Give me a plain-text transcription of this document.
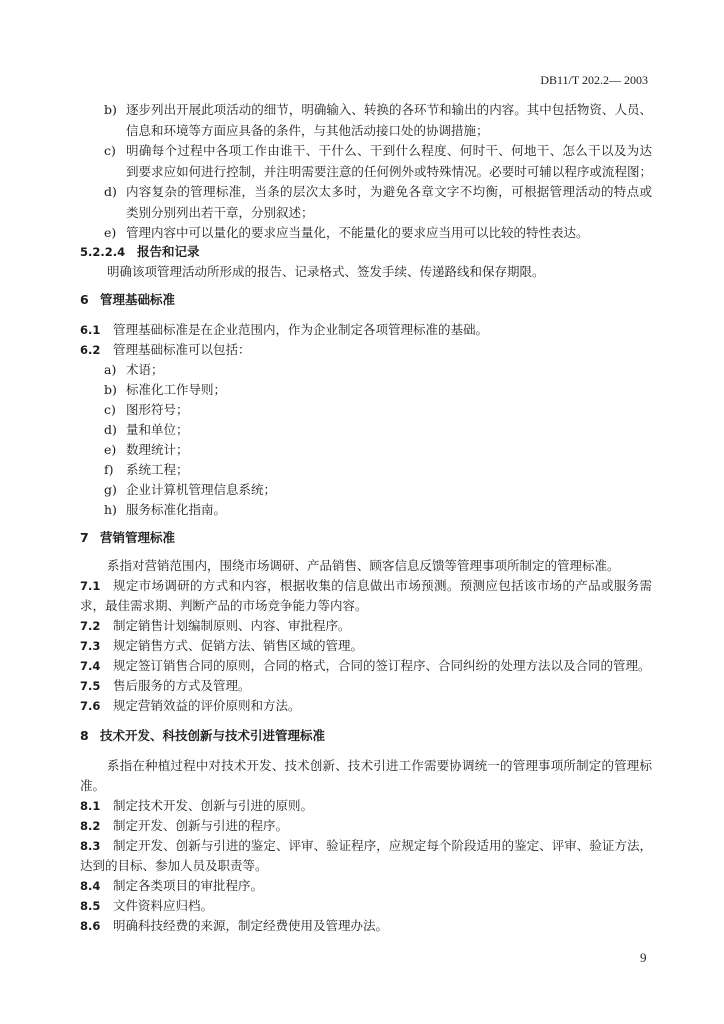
DB11/T 202.2— 2003
b) 逐步列出开展此项活动的细节，明确输入、转换的各环节和输出的内容。其中包括物资、人员、
信息和环境等方面应具备的条件，与其他活动接口处的协调措施；
c) 明确每个过程中各项工作由谁干、干什么、干到什么程度、何时干、何地干、怎么干以及为达
到要求应如何进行控制，并注明需要注意的任何例外或特殊情况。必要时可辅以程序或流程图；
d) 内容复杂的管理标准，当条的层次太多时，为避免各章文字不均衡，可根据管理活动的特点或
类别分别列出若干章，分别叙述；
e) 管理内容中可以量化的要求应当量化，不能量化的要求应当用可以比较的特性表达。
5.2.2.4 报告和记录
明确该项管理活动所形成的报告、记录格式、签发手续、传递路线和保存期限。
6 管理基础标准
6.1 管理基础标准是在企业范围内，作为企业制定各项管理标准的基础。
6.2 管理基础标准可以包括：
a) 术语；
b) 标准化工作导则；
c) 图形符号；
d) 量和单位；
e) 数理统计；
f) 系统工程；
g) 企业计算机管理信息系统；
h) 服务标准化指南。
7 营销管理标准
系指对营销范围内，围绕市场调研、产品销售、顾客信息反馈等管理事项所制定的管理标准。
7.1 规定市场调研的方式和内容，根据收集的信息做出市场预测。预测应包括该市场的产品或服务需
求，最佳需求期、判断产品的市场竞争能力等内容。
7.2 制定销售计划编制原则、内容、审批程序。
7.3 规定销售方式、促销方法、销售区域的管理。
7.4 规定签订销售合同的原则，合同的格式，合同的签订程序、合同纠纷的处理方法以及合同的管理。
7.5 售后服务的方式及管理。
7.6 规定营销效益的评价原则和方法。
8 技术开发、科技创新与技术引进管理标准
系指在种植过程中对技术开发、技术创新、技术引进工作需要协调统一的管理事项所制定的管理标
准。
8.1 制定技术开发、创新与引进的原则。
8.2 制定开发、创新与引进的程序。
8.3 制定开发、创新与引进的鉴定、评审、验证程序，应规定每个阶段适用的鉴定、评审、验证方法，
达到的目标、参加人员及职责等。
8.4 制定各类项目的审批程序。
8.5 文件资料应归档。
8.6 明确科技经费的来源，制定经费使用及管理办法。
9
